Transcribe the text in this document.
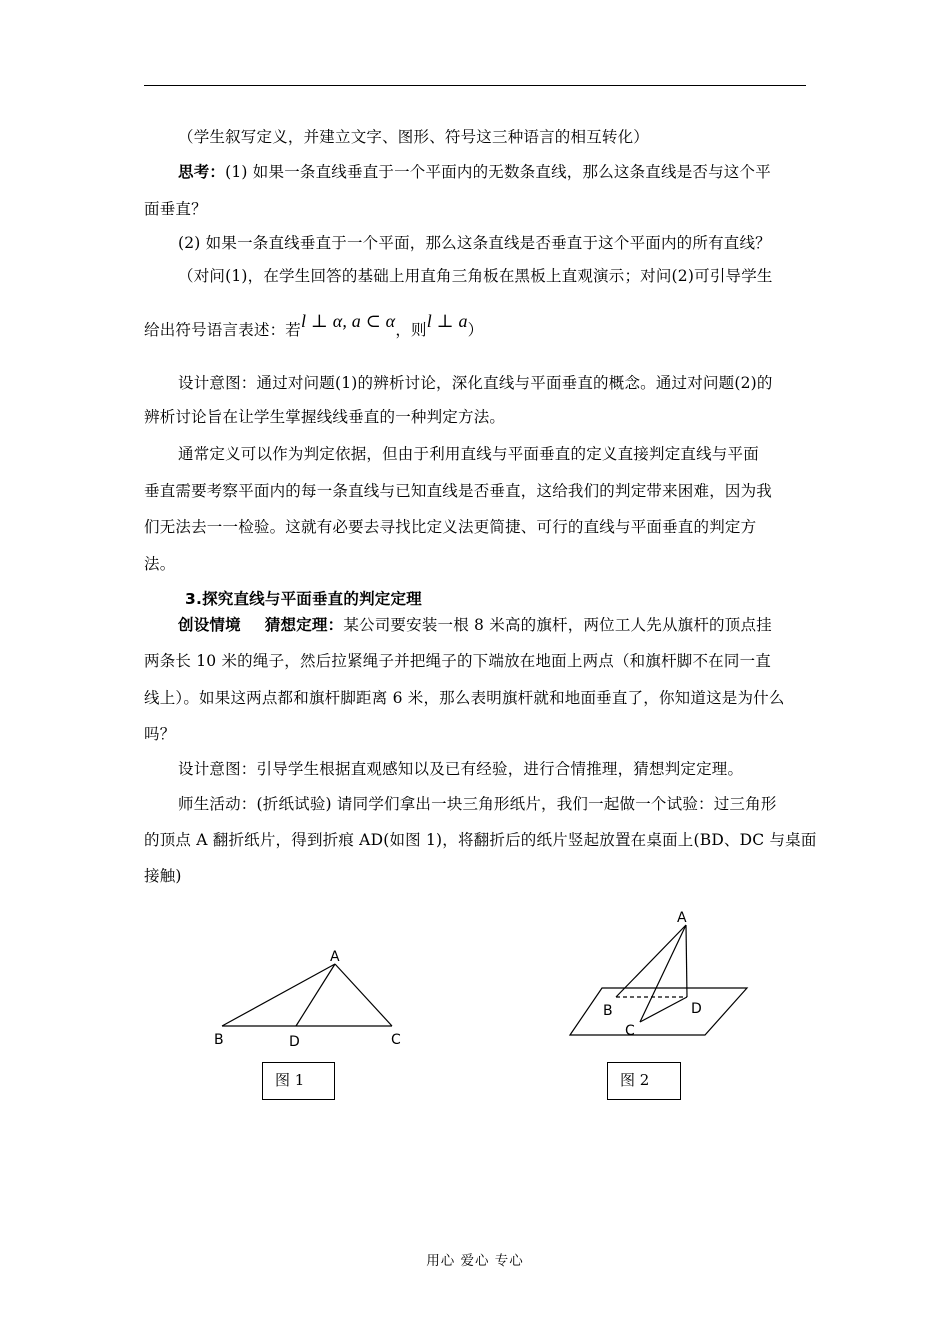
（学生叙写定义，并建立文字、图形、符号这三种语言的相互转化）
思考：(1) 如果一条直线垂直于一个平面内的无数条直线，那么这条直线是否与这个平
面垂直？
(2) 如果一条直线垂直于一个平面，那么这条直线是否垂直于这个平面内的所有直线？
（对问(1)，在学生回答的基础上用直角三角板在黑板上直观演示；对问(2)可引导学生
给出符号语言表述：若l ⊥ α, a ⊂ α，则l ⊥ a）
设计意图：通过对问题(1)的辨析讨论，深化直线与平面垂直的概念。通过对问题(2)的
辨析讨论旨在让学生掌握线线垂直的一种判定方法。
通常定义可以作为判定依据，但由于利用直线与平面垂直的定义直接判定直线与平面
垂直需要考察平面内的每一条直线与已知直线是否垂直，这给我们的判定带来困难，因为我
们无法去一一检验。这就有必要去寻找比定义法更简捷、可行的直线与平面垂直的判定方
法。
3.探究直线与平面垂直的判定定理
创设情境 猜想定理：某公司要安装一根 8 米高的旗杆，两位工人先从旗杆的顶点挂
两条长 10 米的绳子，然后拉紧绳子并把绳子的下端放在地面上两点（和旗杆脚不在同一直
线上）。如果这两点都和旗杆脚距离 6 米，那么表明旗杆就和地面垂直了，你知道这是为什么
吗？
设计意图：引导学生根据直观感知以及已有经验，进行合情推理，猜想判定定理。
师生活动：(折纸试验) 请同学们拿出一块三角形纸片，我们一起做一个试验：过三角形
的顶点 A 翻折纸片，得到折痕 AD(如图 1)，将翻折后的纸片竖起放置在桌面上(BD、DC 与桌面
接触)
A
B	D	C
图 1
A
B	D
C
图 2
用心 爱心 专心
